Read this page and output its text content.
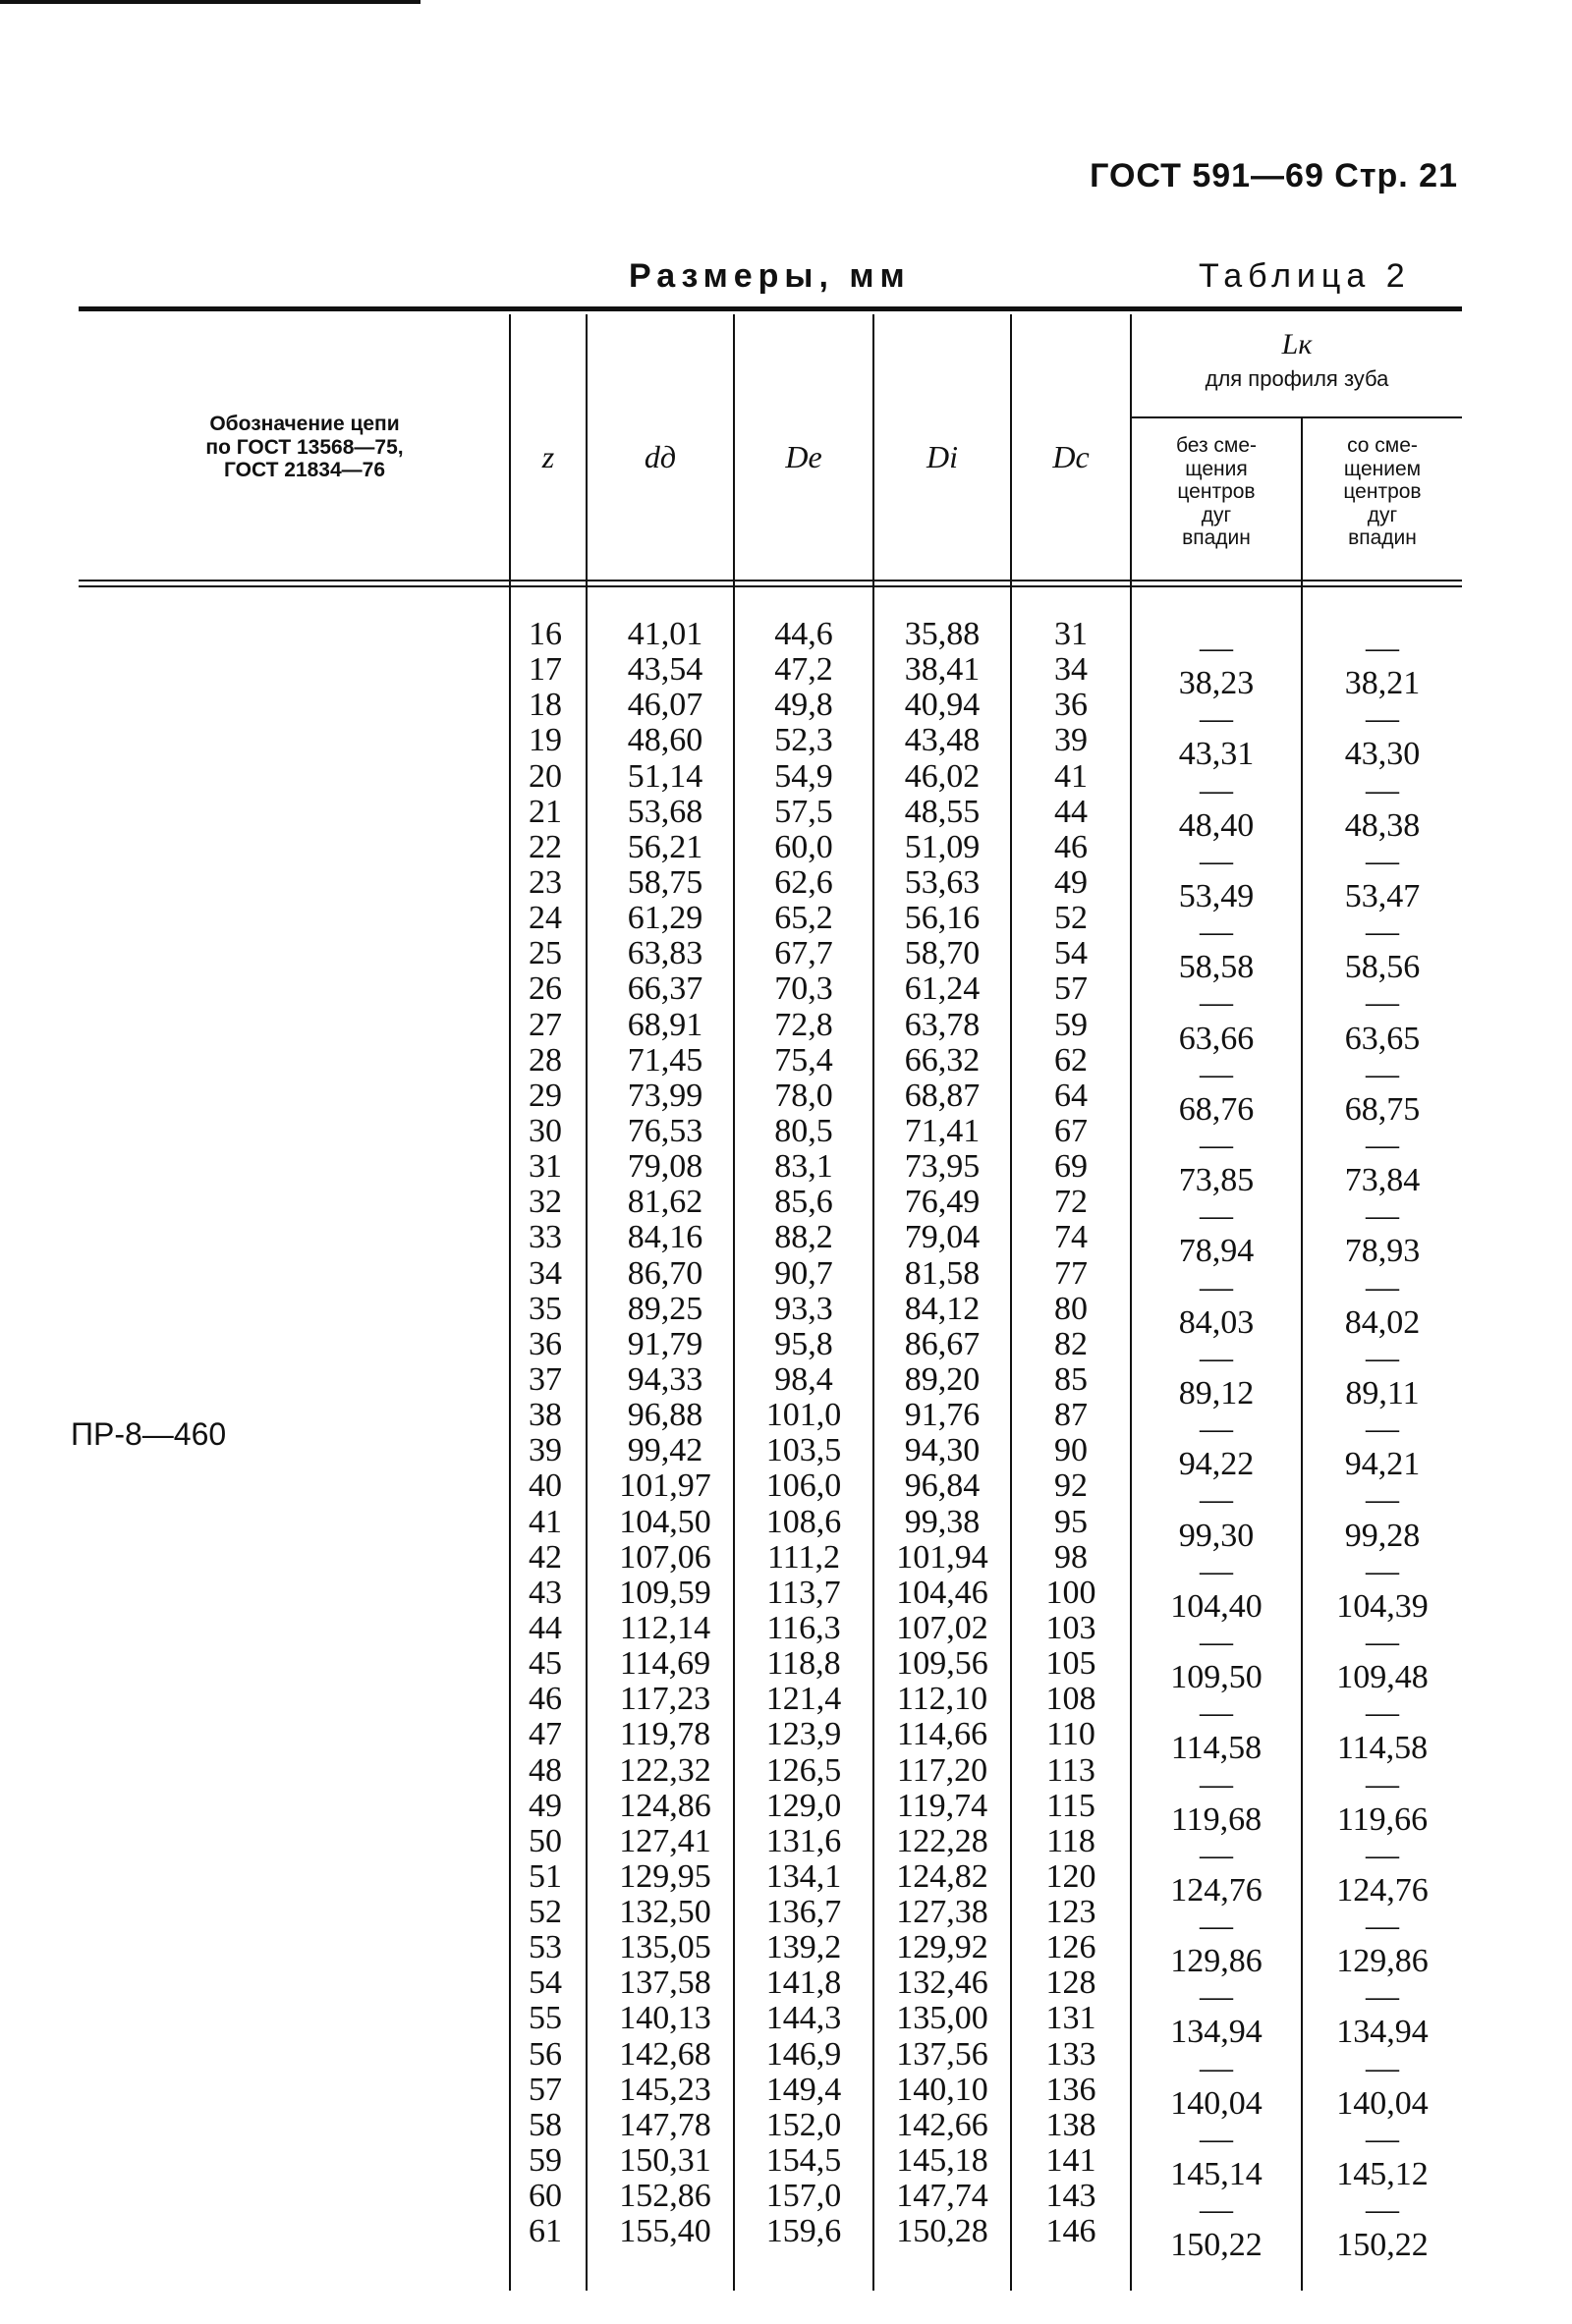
ГОСТ 591—69 Стр. 21
Размеры, мм	Таблица 2
Обозначение цепи
по ГОСТ 13568—75,
ГОСТ 21834—76	z	dд	Dе	Di	Dc
Lк
для профиля зуба
без сме-
щения
центров
дуг
впадин
со сме-
щением
центров
дуг
впадин
ПР-8—460
16	41,01	44,6	35,88	31	—	—
17	43,54	47,2	38,41	34	38,23	38,21
18	46,07	49,8	40,94	36	—	—
19	48,60	52,3	43,48	39	43,31	43,30
20	51,14	54,9	46,02	41	—	—
21	53,68	57,5	48,55	44	48,40	48,38
22	56,21	60,0	51,09	46	—	—
23	58,75	62,6	53,63	49	53,49	53,47
24	61,29	65,2	56,16	52	—	—
25	63,83	67,7	58,70	54	58,58	58,56
26	66,37	70,3	61,24	57	—	—
27	68,91	72,8	63,78	59	63,66	63,65
28	71,45	75,4	66,32	62	—	—
29	73,99	78,0	68,87	64	68,76	68,75
30	76,53	80,5	71,41	67	—	—
31	79,08	83,1	73,95	69	73,85	73,84
32	81,62	85,6	76,49	72	—	—
33	84,16	88,2	79,04	74	78,94	78,93
34	86,70	90,7	81,58	77	—	—
35	89,25	93,3	84,12	80	84,03	84,02
36	91,79	95,8	86,67	82	—	—
37	94,33	98,4	89,20	85	89,12	89,11
38	96,88	101,0	91,76	87	—	—
39	99,42	103,5	94,30	90	94,22	94,21
40	101,97	106,0	96,84	92	—	—
41	104,50	108,6	99,38	95	99,30	99,28
42	107,06	111,2	101,94	98	—	—
43	109,59	113,7	104,46	100	104,40	104,39
44	112,14	116,3	107,02	103	—	—
45	114,69	118,8	109,56	105	109,50	109,48
46	117,23	121,4	112,10	108	—	—
47	119,78	123,9	114,66	110	114,58	114,58
48	122,32	126,5	117,20	113	—	—
49	124,86	129,0	119,74	115	119,68	119,66
50	127,41	131,6	122,28	118	—	—
51	129,95	134,1	124,82	120	124,76	124,76
52	132,50	136,7	127,38	123	—	—
53	135,05	139,2	129,92	126	129,86	129,86
54	137,58	141,8	132,46	128	—	—
55	140,13	144,3	135,00	131	134,94	134,94
56	142,68	146,9	137,56	133	—	—
57	145,23	149,4	140,10	136	140,04	140,04
58	147,78	152,0	142,66	138	—	—
59	150,31	154,5	145,18	141	145,14	145,12
60	152,86	157,0	147,74	143	—	—
61	155,40	159,6	150,28	146	150,22	150,22
